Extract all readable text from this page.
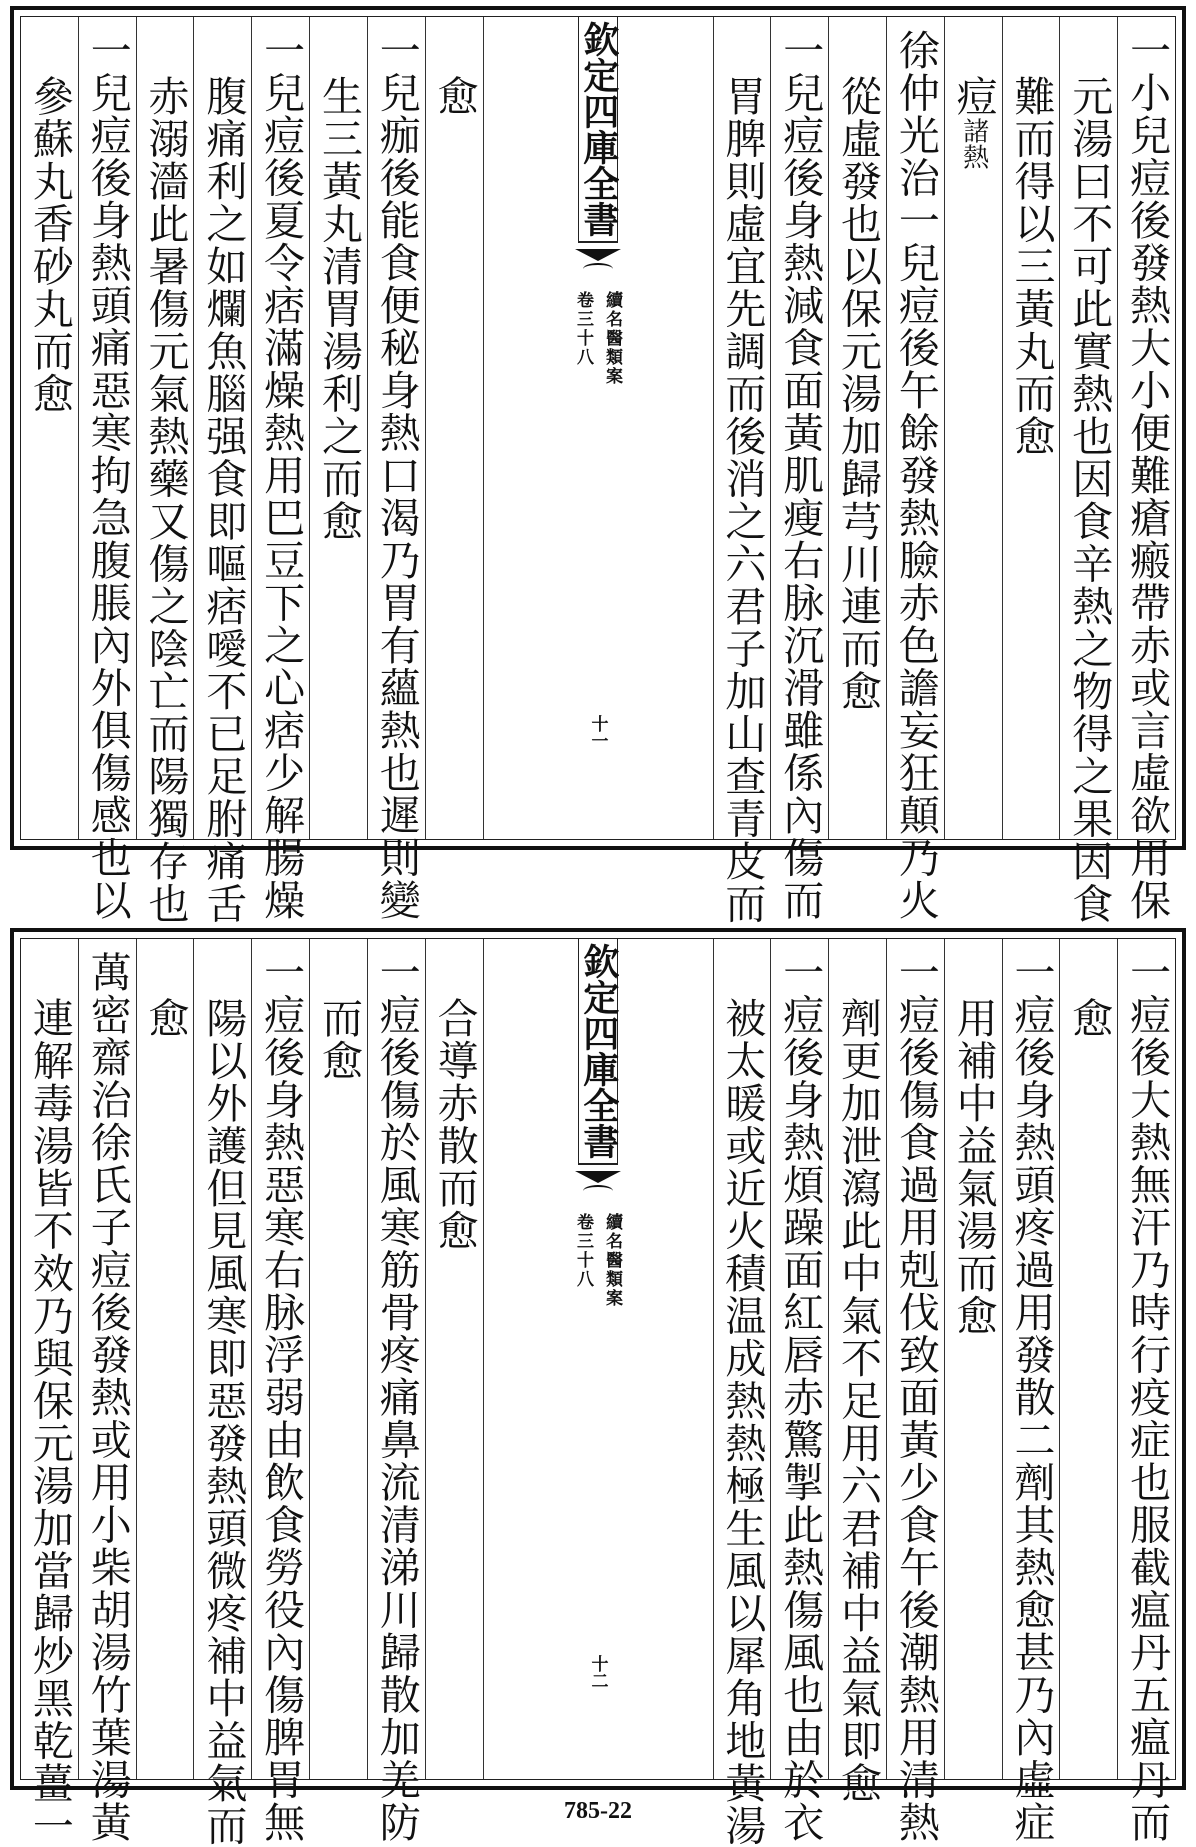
一小兒痘後發熱大小便難瘡瘢帶赤或言虛欲用保
元湯曰不可此實熱也因食辛熱之物得之果因食
難而得以三黃丸而愈
痘諸熱
徐仲光治一兒痘後午餘發熱臉赤色譫妄狂顛乃火
從虛發也以保元湯加歸芎川連而愈
一兒痘後身熱減食面黃肌瘦右脉沉滑雖係內傷而
胃脾則虛宜先調而後消之六君子加山查青皮而
欽定四庫全書
續名醫類案
卷三十八
十一
愈
一兒痂後能食便秘身熱口渴乃胃有蘊熱也遲則變
生三黃丸清胃湯利之而愈
一兒痘後夏令痞滿燥熱用巴豆下之心痞少解腸燥
腹痛利之如爛魚腦强食即嘔痞噯不已足胕痛舌
赤溺濇此暑傷元氣熱藥又傷之陰亡而陽獨存也
一兒痘後身熱頭痛惡寒拘急腹脹內外俱傷感也以
參蘇丸香砂丸而愈
一痘後大熱無汗乃時行疫症也服截瘟丹五瘟丹而
愈
一痘後身熱頭疼過用發散二劑其熱愈甚乃內虛症
用補中益氣湯而愈
一痘後傷食過用剋伐致面黃少食午後潮熱用清熱
劑更加泄瀉此中氣不足用六君補中益氣即愈
一痘後身熱煩躁面紅唇赤驚掣此熱傷風也由於衣
被太暖或近火積温成熱熱極生風以犀角地黃湯
欽定四庫全書
續名醫類案
卷三十八
十二
合導赤散而愈
一痘後傷於風寒筋骨疼痛鼻流清涕川歸散加羌防
而愈
一痘後身熱惡寒右脉浮弱由飲食勞役內傷脾胃無
陽以外護但見風寒即惡發熱頭微疼補中益氣而
愈
萬密齋治徐氏子痘後發熱或用小柴胡湯竹葉湯黃
連解毒湯皆不效乃與保元湯加當歸炒黑乾薑一	785-22
